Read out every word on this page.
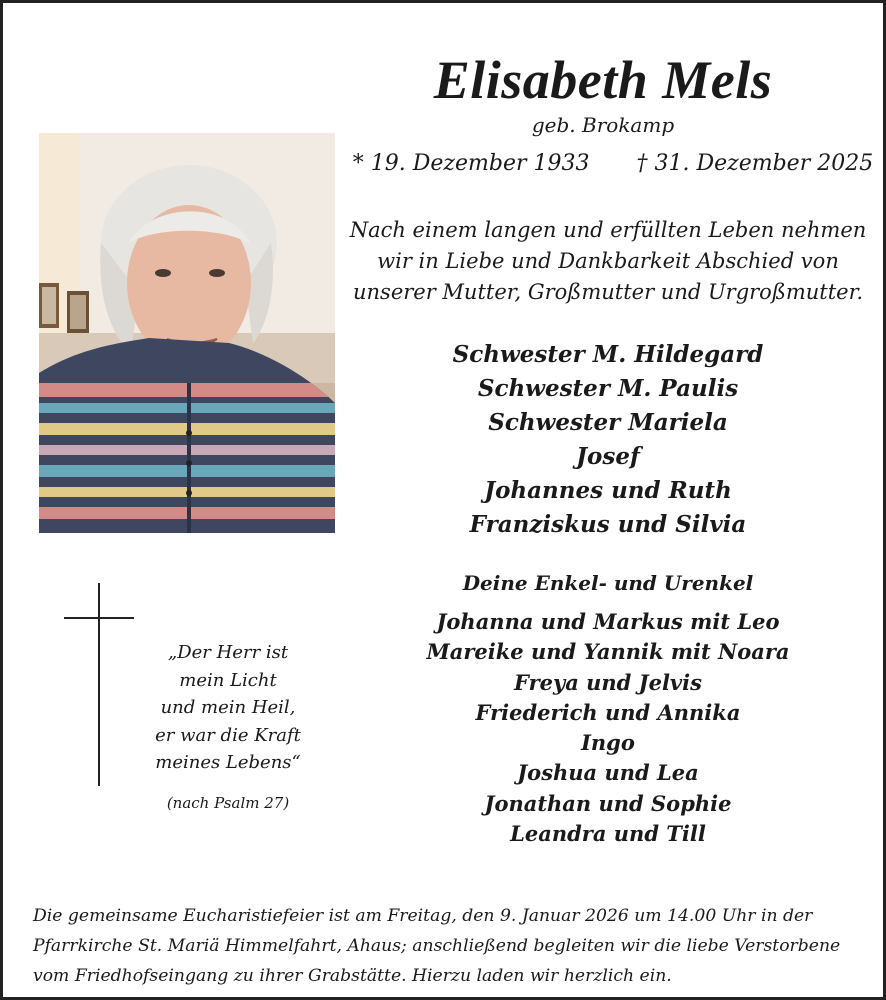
Elisabeth Mels
geb. Brokamp
* 19. Dezember 1933 † 31. Dezember 2025
Nach einem langen und erfüllten Leben nehmen
wir in Liebe und Dankbarkeit Abschied von
unserer Mutter, Großmutter und Urgroßmutter.
Schwester M. Hildegard
Schwester M. Paulis
Schwester Mariela
Josef
Johannes und Ruth
Franziskus und Silvia
Deine Enkel- und Urenkel
Johanna und Markus mit Leo
Mareike und Yannik mit Noara
Freya und Jelvis
Friederich und Annika
Ingo
Joshua und Lea
Jonathan und Sophie
Leandra und Till
„Der Herr ist
mein Licht
und mein Heil,
er war die Kraft
meines Lebens“
(nach Psalm 27)
Die gemeinsame Eucharistiefeier ist am Freitag, den 9. Januar 2026 um 14.00 Uhr in der
Pfarrkirche St. Mariä Himmelfahrt, Ahaus; anschließend begleiten wir die liebe Verstorbene
vom Friedhofseingang zu ihrer Grabstätte. Hierzu laden wir herzlich ein.
